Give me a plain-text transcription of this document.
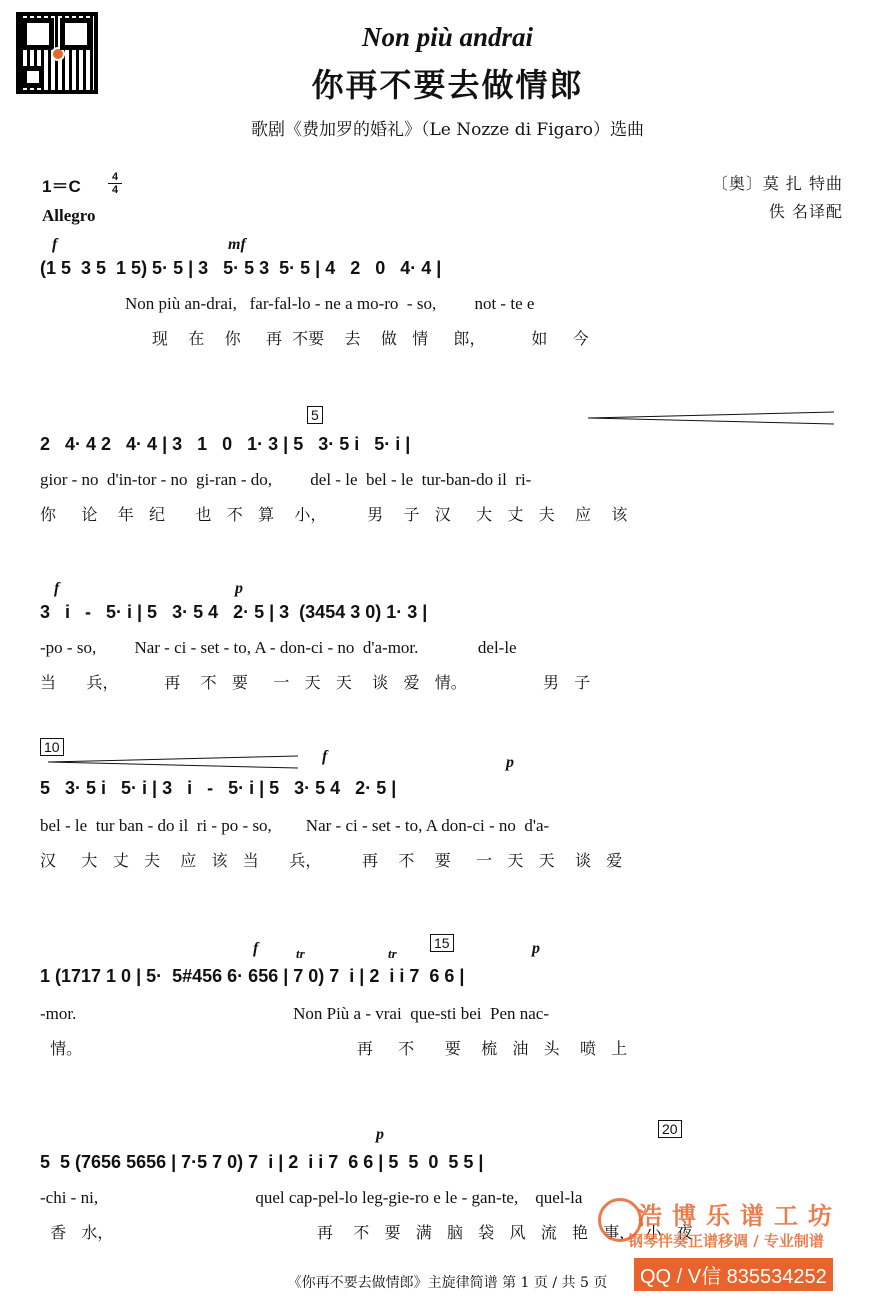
Non più andrai
你再不要去做情郎
歌剧《费加罗的婚礼》（Le Nozze di Figaro）选曲
1＝C	4
4
Allegro
〔奥〕莫 扎 特曲
佚 名译配
f	mf
(1 5  3 5  1 5) 5· 5 | 3   5· 5 3  5· 5 | 4   2   0   4· 4 |
Non più an-drai,   far-fal-lo - ne a mo-ro  - so,         not - te e
现    在    你     再  不要    去    做   情     郎，         如     今
5
2   4· 4 2   4· 4 | 3   1   0   1· 3 | 5   3· 5 i   5· i |
gior - no  d'in-tor - no  gi-ran - do,         del - le  bel - le  tur-ban-do il  ri-
你     论    年   纪      也   不   算    小，        男    子   汉     大   丈   夫    应    该
f	p
3   i   -   5· i | 5   3· 5 4   2· 5 | 3  (3454 3 0) 1· 3 |
-po - so,         Nar - ci - set - to, A - don-ci - no  d'a-mor.              del-le
当      兵，         再    不   要     一   天   天    谈   爱   情。               男   子
10
f	p
5   3· 5 i   5· i | 3   i   -   5· i | 5   3· 5 4   2· 5 |
bel - le  tur ban - do il  ri - po - so,        Nar - ci - set - to, A don-ci - no  d'a-
汉     大   丈   夫    应   该   当      兵，        再    不    要     一   天   天    谈   爱
f	tr	tr
15	p
1 (1717 1 0 | 5·  5#456 6· 656 | 7 0) 7  i | 2  i i 7  6 6 |
-mor.                                                   Non Più a - vrai  que-sti bei  Pen nac-
情。                                                      再     不      要    梳   油   头    喷   上
p	20
5  5 (7656 5656 | 7·5 7 0) 7  i | 2  i i 7  6 6 | 5  5  0  5 5 |
-chi - ni,                                     quel cap-pel-lo leg-gie-ro e le - gan-te,    quel-la
香   水，                                        再    不   要   满   脑   袋   风   流   艳   事，  小   夜
浩博乐谱工坊
钢琴伴奏正谱移调 / 专业制谱
QQ / V信 835534252
《你再不要去做情郎》主旋律简谱 第 1 页 / 共 5 页
